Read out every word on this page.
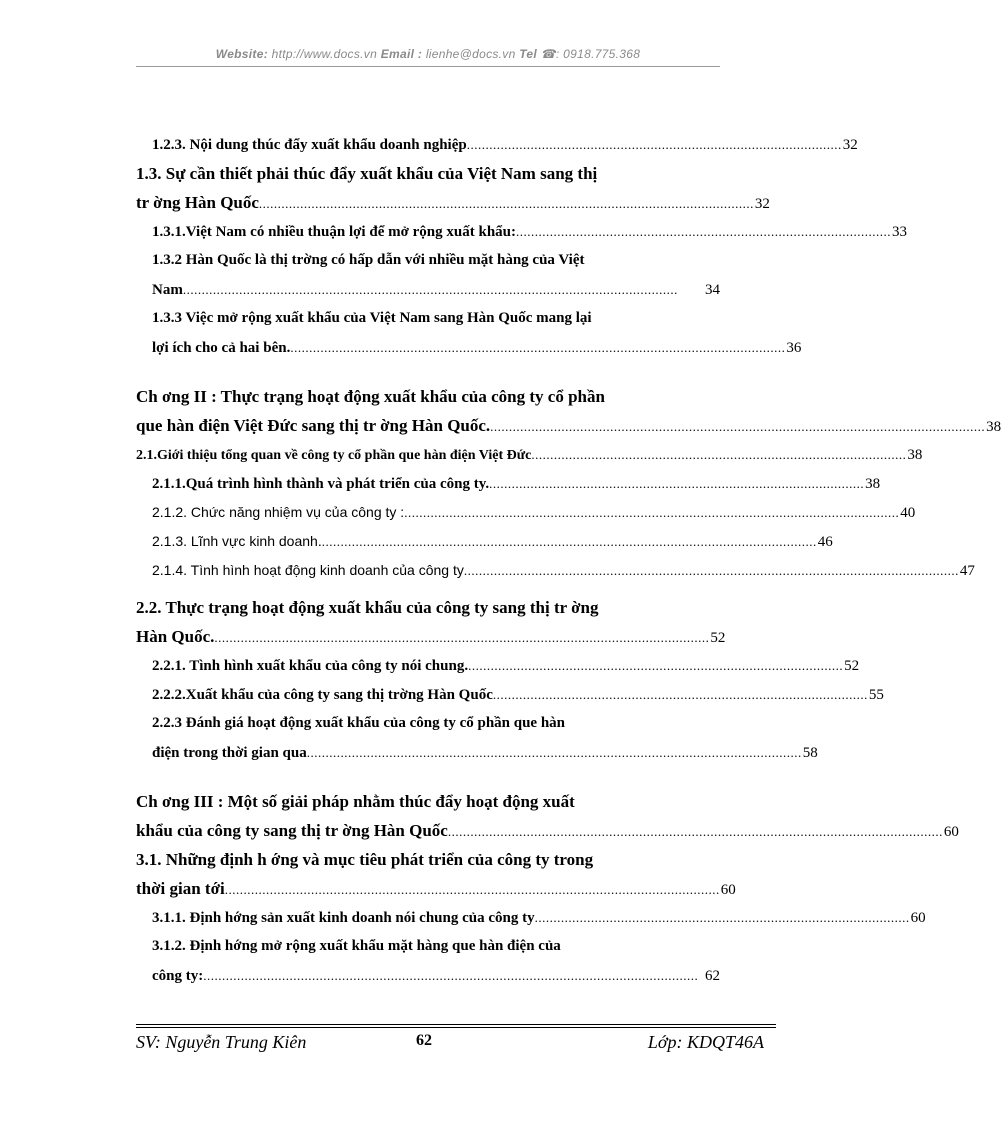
Website: http://www.docs.vn Email : lienhe@docs.vn Tel ☎: 0918.775.368
1.2.3. Nội dung thúc đẩy xuất khẩu doanh nghiệp .................................................................................................... 32
1.3. Sự cần thiết phải thúc đẩy xuất khẩu của Việt Nam sang thị
tr ờng Hàn Quốc .................................................................................................................................... 32
1.3.1.Việt Nam có nhiều thuận lợi để mở rộng xuất khẩu: .................................................................................................... 33
1.3.2 Hàn Quốc là thị trờng có hấp dẫn với nhiều mặt hàng của Việt
Nam ....................................................................................................................................	34
1.3.3 Việc mở rộng xuất khẩu của Việt Nam sang Hàn Quốc mang lại
lợi ích cho cả hai bên. .................................................................................................................................... 36
Ch ơng II : Thực trạng hoạt động xuất khẩu của công ty cổ phần
que hàn điện Việt Đức sang thị tr ờng Hàn Quốc. .................................................................................................................................... 38
2.1.Giới thiệu tổng quan về công ty cổ phần que hàn điện Việt Đức .................................................................................................... 38
2.1.1.Quá trình hình thành và phát triển của công ty. .................................................................................................... 38
2.1.2. Chức năng nhiệm vụ của công ty : .................................................................................................................................... 40
2.1.3. Lĩnh vực kinh doanh. .................................................................................................................................... 46
2.1.4. Tình hình hoạt động kinh doanh của công ty .................................................................................................................................... 47
2.2. Thực trạng hoạt động xuất khẩu của công ty sang thị tr ờng
Hàn Quốc. .................................................................................................................................... 52
2.2.1. Tình hình xuất khẩu của công ty nói chung. .................................................................................................... 52
2.2.2.Xuất khẩu của công ty sang thị trờng Hàn Quốc .................................................................................................... 55
2.2.3 Đánh giá hoạt động xuất khẩu của công ty cổ phần que hàn
điện trong thời gian qua .................................................................................................................................... 58
Ch ơng III : Một số giải pháp nhằm thúc đẩy hoạt động xuất
khẩu của công ty sang thị tr ờng Hàn Quốc .................................................................................................................................... 60
3.1. Những định h ớng và mục tiêu phát triển của công ty trong
thời gian tới .................................................................................................................................... 60
3.1.1. Định hớng sản xuất kinh doanh nói chung của công ty .................................................................................................... 60
3.1.2. Định hớng mở rộng xuất khẩu mặt hàng que hàn điện của
công ty: .................................................................................................................................... 62
SV: Nguyễn Trung Kiên	62	Lớp: KDQT46A
